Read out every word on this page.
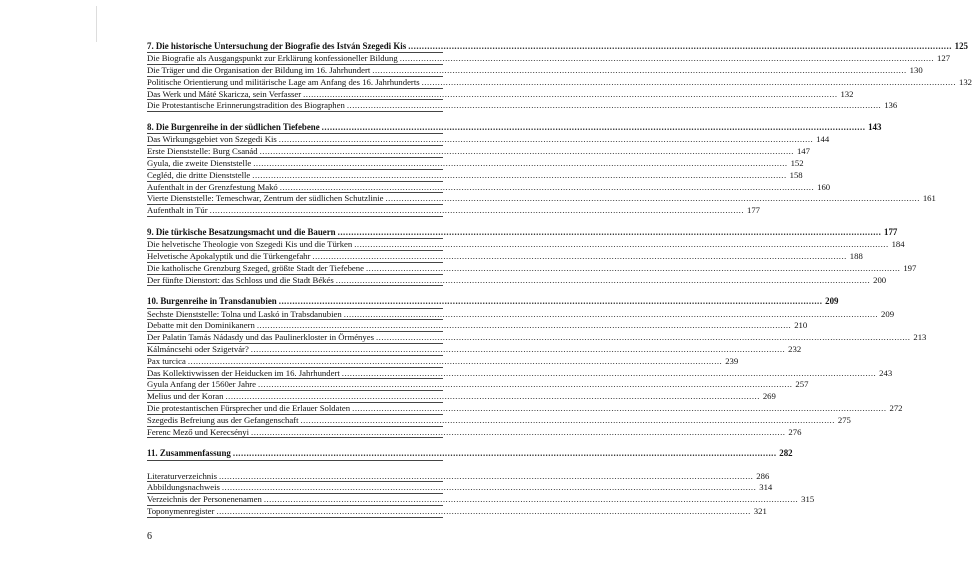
7. Die historische Untersuchung der Biografie des István Szegedi Kis .....	125
Die Biografie als Ausgangspunkt zur Erklärung konfessioneller Bildung .....	127
Die Träger und die Organisation der Bildung im 16. Jahrhundert .....	130
Politische Orientierung und militärische Lage am Anfang des 16. Jahrhunderts .....	132
Das Werk und Máté Skaricza, sein Verfasser .....	132
Die Protestantische Erinnerungstradition des Biographen .....	136
8. Die Burgenreihe in der südlichen Tiefebene .....	143
Das Wirkungsgebiet von Szegedi Kis .....	144
Erste Dienststelle: Burg Csanád .....	147
Gyula, die zweite Dienststelle .....	152
Cegléd, die dritte Dienststelle .....	158
Aufenthalt in der Grenzfestung Makó .....	160
Vierte Dienststelle: Temeschwar, Zentrum der südlichen Schutzlinie .....	161
Aufenthalt in Túr .....	177
9. Die türkische Besatzungsmacht und die Bauern .....	177
Die helvetische Theologie von Szegedi Kis und die Türken .....	184
Helvetische Apokalyptik und die Türkengefahr .....	188
Die katholische Grenzburg Szeged, größte Stadt der Tiefebene .....	197
Der fünfte Dienstort: das Schloss und die Stadt Békés .....	200
10. Burgenreihe in Transdanubien .....	209
Sechste Dienststelle: Tolna und Laskó in Trabsdanubien .....	209
Debatte mit den Dominikanern .....	210
Der Palatin Tamás Nádasdy und das Paulinerkloster in Örményes .....	213
Kálmáncsehi oder Szigetvár? .....	232
Pax turcica .....	239
Das Kollektivwissen der Heiducken im 16. Jahrhundert .....	243
Gyula Anfang der 1560er Jahre .....	257
Melius und der Koran .....	269
Die protestantischen Fürsprecher und die Erlauer Soldaten .....	272
Szegedis Befreiung aus der Gefangenschaft .....	275
Ferenc Mező und Kerecsényi .....	276
11. Zusammenfassung .....	282
Literaturverzeichnis .....	286
Abbildungsnachweis .....	314
Verzeichnis der Personenenamen .....	315
Toponymenregister .....	321
6
